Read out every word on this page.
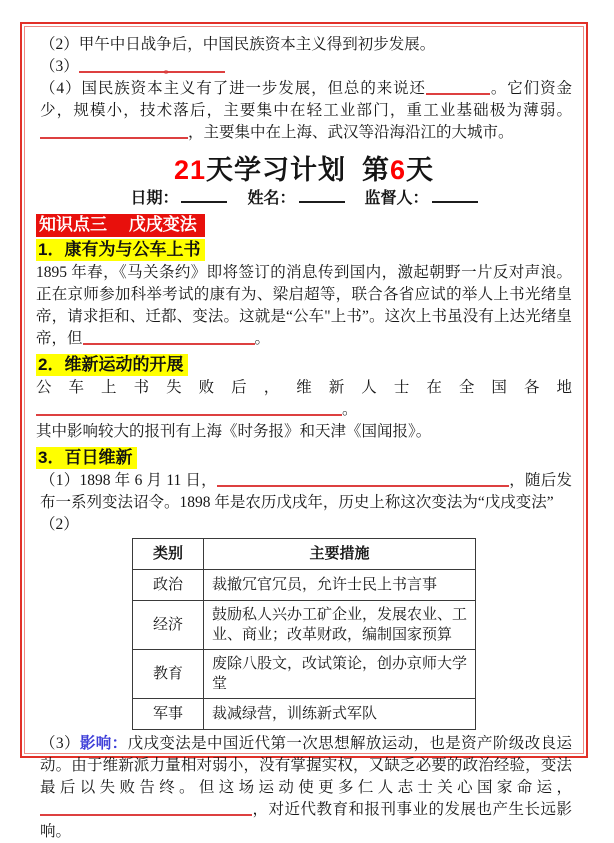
（2）甲午中日战争后，中国民族资本主义得到初步发展。

（3）	。

（4）国民族资本主义有了进一步发展，但总的来说还	。它们资金少，规模小，技术落后，主要集中在轻工业部门，重工业基础极为薄弱。，主要集中在上海、武汉等沿海沿江的大城市。

21天学习计划 第6天
日期：	姓名：	监督人：
知识点三　 戊戌变法
1．康有为与公车上书

1895 年春，《马关条约》即将签订的消息传到国内，激起朝野一片反对声浪。正在京师参加科举考试的康有为、梁启超等，联合各省应试的举人上书光绪皇帝，请求拒和、迁都、变法。这就是“公车"上书”。这次上书虽没有上达光绪皇帝，但	。

2．维新运动的开展

公车上书失败后，维新人士在全国各地。

其中影响较大的报刊有上海《时务报》和天津《国闻报》。

3．百日维新

（1）1898 年 6 月 11 日，	，随后发布一系列变法诏令。1898 年是农历戊戌年，历史上称这次变法为“戊戌变法”

（2）

类别	主要措施
政治	裁撤冗官冗员，允许士民上书言事
经济	鼓励私人兴办工矿企业，发展农业、工业、商业；改革财政，编制国家预算
教育	废除八股文，改试策论，创办京师大学堂
军事	裁减绿营，训练新式军队

（3）影响：戊戌变法是中国近代第一次思想解放运动，也是资产阶级改良运动。由于维新派力量相对弱小，没有掌握实权，又缺乏必要的政治经验，变法最后以失败告终。但这场运动使更多仁人志士关心国家命运，，对近代教育和报刊事业的发展也产生长远影响。
